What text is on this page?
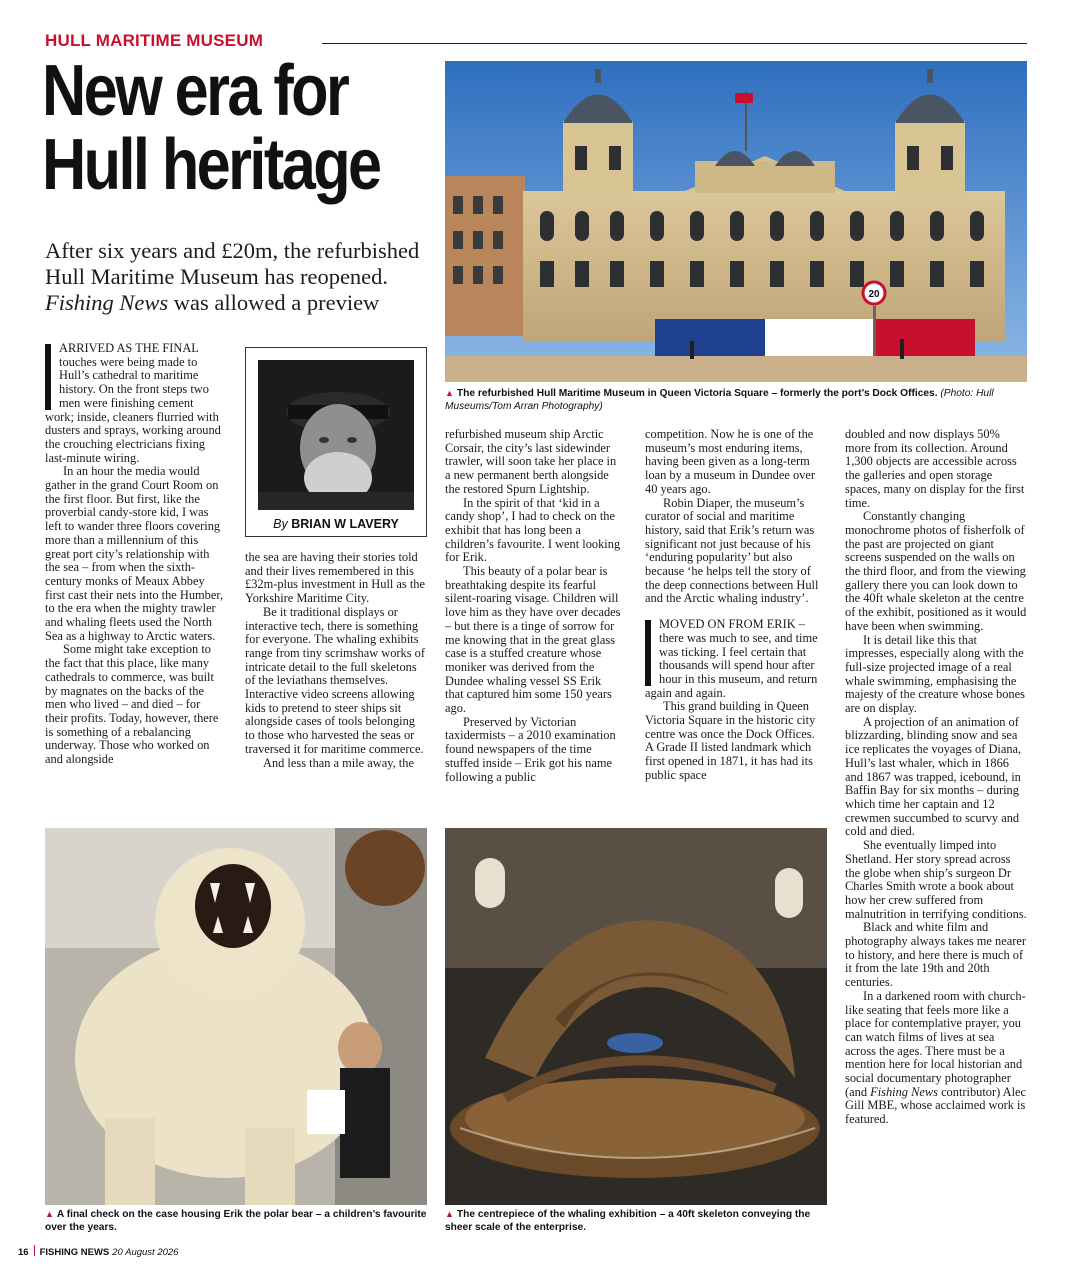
HULL MARITIME MUSEUM
New era for
Hull heritage

After six years and £20m, the refurbished Hull Maritime Museum has reopened. Fishing News was allowed a preview	20

▲ The refurbished Hull Maritime Museum in Queen Victoria Square – formerly the port’s Dock Offices. (Photo: Hull Museums/Tom Arran Photography)

By BRIAN W LAVERY

ARRIVED AS THE FINAL touches were being made to Hull’s cathedral to maritime history. On the front steps two men were finishing cement work; inside, cleaners flurried with dusters and sprays, working around the crouching electricians fixing last-minute wiring.

In an hour the media would gather in the grand Court Room on the first floor. But first, like the proverbial candy-store kid, I was left to wander three floors covering more than a millennium of this great port city’s relationship with the sea – from when the sixth-century monks of Meaux Abbey first cast their nets into the Humber, to the era when the mighty trawler and whaling fleets used the North Sea as a highway to Arctic waters.

Some might take exception to the fact that this place, like many cathedrals to commerce, was built by magnates on the backs of the men who lived – and died – for their profits. Today, however, there is something of a rebalancing underway. Those who worked on and alongside

the sea are having their stories told and their lives remembered in this £32m-plus investment in Hull as the Yorkshire Maritime City.

Be it traditional displays or interactive tech, there is something for everyone. The whaling exhibits range from tiny scrimshaw works of intricate detail to the full skeletons of the leviathans themselves. Interactive video screens allowing kids to pretend to steer ships sit alongside cases of tools belonging to those who harvested the seas or traversed it for maritime commerce.

And less than a mile away, the

refurbished museum ship Arctic Corsair, the city’s last sidewinder trawler, will soon take her place in a new permanent berth alongside the restored Spurn Lightship.

In the spirit of that ‘kid in a candy shop’, I had to check on the exhibit that has long been a children’s favourite. I went looking for Erik.

This beauty of a polar bear is breathtaking despite its fearful silent-roaring visage. Children will love him as they have over decades – but there is a tinge of sorrow for me knowing that in the great glass case is a stuffed creature whose moniker was derived from the Dundee whaling vessel SS Erik that captured him some 150 years ago.

Preserved by Victorian taxidermists – a 2010 examination found newspapers of the time stuffed inside – Erik got his name following a public

competition. Now he is one of the museum’s most enduring items, having been given as a long-term loan by a museum in Dundee over 40 years ago.

Robin Diaper, the museum’s curator of social and maritime history, said that Erik’s return was significant not just because of his ‘enduring popularity’ but also because ‘he helps tell the story of the deep connections between Hull and the Arctic whaling industry’.

MOVED ON FROM ERIK – there was much to see, and time was ticking. I feel certain that thousands will spend hour after hour in this museum, and return again and again.

This grand building in Queen Victoria Square in the historic city centre was once the Dock Offices. A Grade II listed landmark which first opened in 1871, it has had its public space

doubled and now displays 50% more from its collection. Around 1,300 objects are accessible across the galleries and open storage spaces, many on display for the first time.

Constantly changing monochrome photos of fisherfolk of the past are projected on giant screens suspended on the walls on the third floor, and from the viewing gallery there you can look down to the 40ft whale skeleton at the centre of the exhibit, positioned as it would have been when swimming.

It is detail like this that impresses, especially along with the full-size projected image of a real whale swimming, emphasising the majesty of the creature whose bones are on display.

A projection of an animation of blizzarding, blinding snow and sea ice replicates the voyages of Diana, Hull’s last whaler, which in 1866 and 1867 was trapped, icebound, in Baffin Bay for six months – during which time her captain and 12 crewmen succumbed to scurvy and cold and died.

She eventually limped into Shetland. Her story spread across the globe when ship’s surgeon Dr Charles Smith wrote a book about how her crew suffered from malnutrition in terrifying conditions.

Black and white film and photography always takes me nearer to history, and here there is much of it from the late 19th and 20th centuries.

In a darkened room with church-like seating that feels more like a place for contemplative prayer, you can watch films of lives at sea across the ages. There must be a mention here for local historian and social documentary photographer (and Fishing News contributor) Alec Gill MBE, whose acclaimed work is featured.

▲ A final check on the case housing Erik the polar bear – a children’s favourite over the years.

▲ The centrepiece of the whaling exhibition – a 40ft skeleton conveying the sheer scale of the enterprise.

16 FISHING NEWS 20 August 2026
